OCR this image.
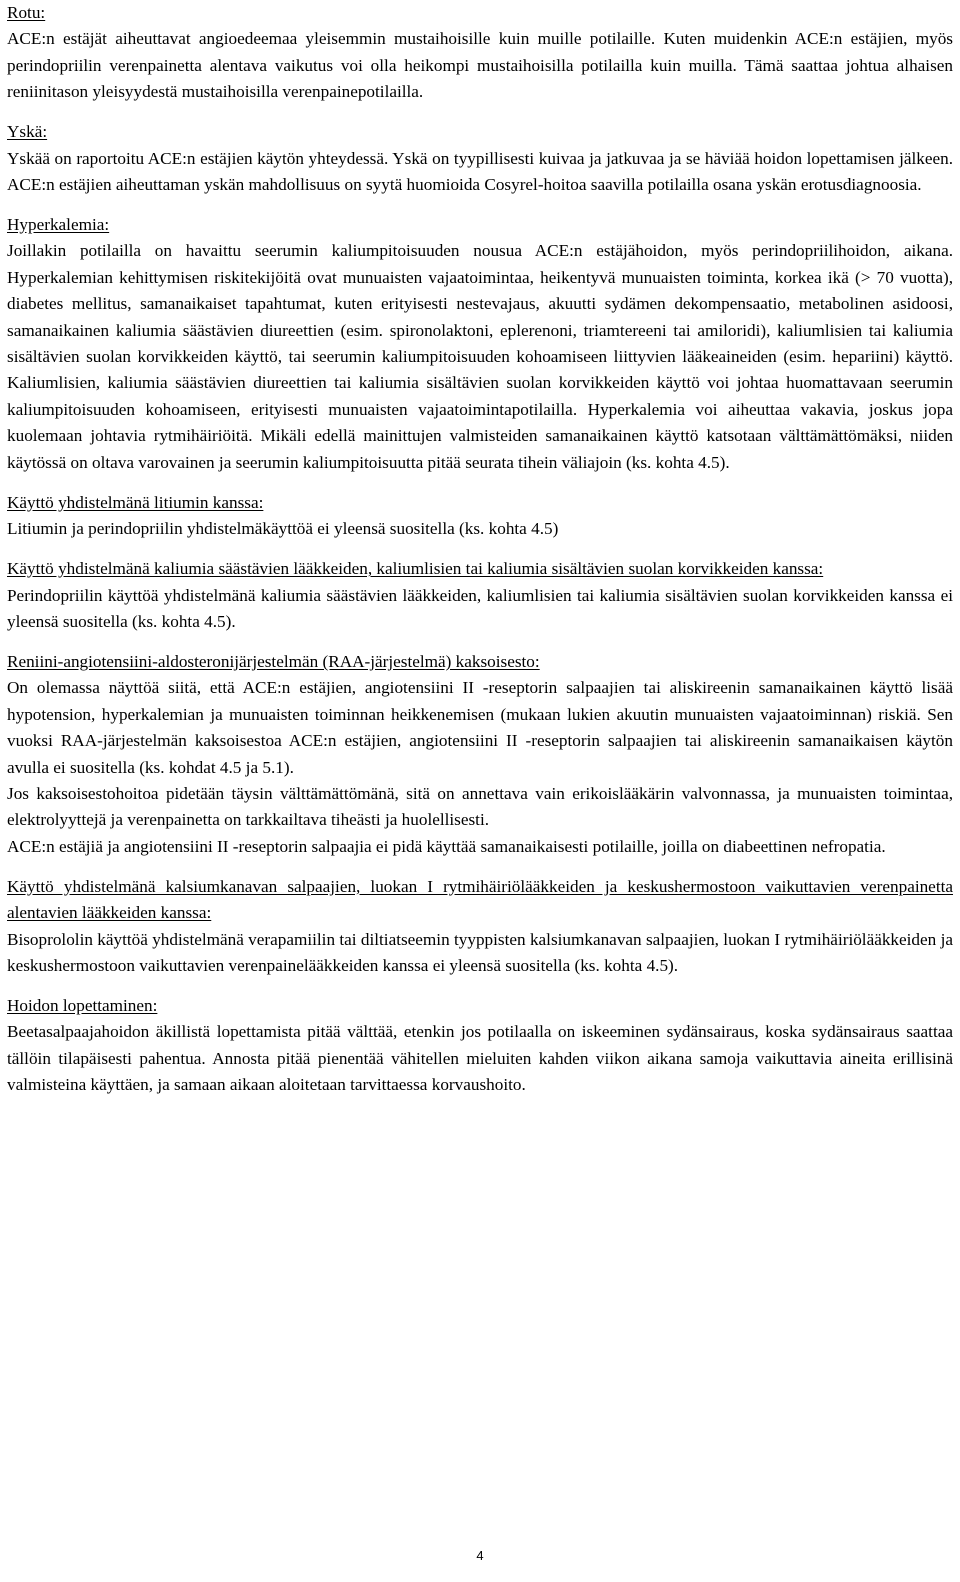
Rotu:

ACE:n estäjät aiheuttavat angioedeemaa yleisemmin mustaihoisille kuin muille potilaille. Kuten muidenkin ACE:n estäjien, myös perindopriilin verenpainetta alentava vaikutus voi olla heikompi mustaihoisilla potilailla kuin muilla. Tämä saattaa johtua alhaisen reniinitason yleisyydestä mustaihoisilla verenpainepotilailla.

Yskä:

Yskää on raportoitu ACE:n estäjien käytön yhteydessä. Yskä on tyypillisesti kuivaa ja jatkuvaa ja se häviää hoidon lopettamisen jälkeen. ACE:n estäjien aiheuttaman yskän mahdollisuus on syytä huomioida Cosyrel-hoitoa saavilla potilailla osana yskän erotusdiagnoosia.

Hyperkalemia:

Joillakin potilailla on havaittu seerumin kaliumpitoisuuden nousua ACE:n estäjähoidon, myös perindopriilihoidon, aikana. Hyperkalemian kehittymisen riskitekijöitä ovat munuaisten vajaatoimintaa, heikentyvä munuaisten toiminta, korkea ikä (> 70 vuotta), diabetes mellitus, samanaikaiset tapahtumat, kuten erityisesti nestevajaus, akuutti sydämen dekompensaatio, metabolinen asidoosi, samanaikainen kaliumia säästävien diureettien (esim. spironolaktoni, eplerenoni, triamtereeni tai amiloridi), kaliumlisien tai kaliumia sisältävien suolan korvikkeiden käyttö, tai seerumin kaliumpitoisuuden kohoamiseen liittyvien lääkeaineiden (esim. hepariini) käyttö. Kaliumlisien, kaliumia säästävien diureettien tai kaliumia sisältävien suolan korvikkeiden käyttö voi johtaa huomattavaan seerumin kaliumpitoisuuden kohoamiseen, erityisesti munuaisten vajaatoimintapotilailla. Hyperkalemia voi aiheuttaa vakavia, joskus jopa kuolemaan johtavia rytmihäiriöitä. Mikäli edellä mainittujen valmisteiden samanaikainen käyttö katsotaan välttämättömäksi, niiden käytössä on oltava varovainen ja seerumin kaliumpitoisuutta pitää seurata tihein väliajoin (ks. kohta 4.5).

Käyttö yhdistelmänä litiumin kanssa:

Litiumin ja perindopriilin yhdistelmäkäyttöä ei yleensä suositella (ks. kohta 4.5)

Käyttö yhdistelmänä kaliumia säästävien lääkkeiden, kaliumlisien tai kaliumia sisältävien suolan korvikkeiden kanssa:

Perindopriilin käyttöä yhdistelmänä kaliumia säästävien lääkkeiden, kaliumlisien tai kaliumia sisältävien suolan korvikkeiden kanssa ei yleensä suositella (ks. kohta 4.5).

Reniini-angiotensiini-aldosteronijärjestelmän (RAA-järjestelmä) kaksoisesto:

On olemassa näyttöä siitä, että ACE:n estäjien, angiotensiini II -reseptorin salpaajien tai aliskireenin samanaikainen käyttö lisää hypotension, hyperkalemian ja munuaisten toiminnan heikkenemisen (mukaan lukien akuutin munuaisten vajaatoiminnan) riskiä. Sen vuoksi RAA-järjestelmän kaksoisestoa ACE:n estäjien, angiotensiini II -reseptorin salpaajien tai aliskireenin samanaikaisen käytön avulla ei suositella (ks. kohdat 4.5 ja 5.1).

Jos kaksoisestohoitoa pidetään täysin välttämättömänä, sitä on annettava vain erikoislääkärin valvonnassa, ja munuaisten toimintaa, elektrolyyttejä ja verenpainetta on tarkkailtava tiheästi ja huolellisesti.

ACE:n estäjiä ja angiotensiini II -reseptorin salpaajia ei pidä käyttää samanaikaisesti potilaille, joilla on diabeettinen nefropatia.

Käyttö yhdistelmänä kalsiumkanavan salpaajien, luokan I rytmihäiriölääkkeiden ja keskushermostoon vaikuttavien verenpainetta alentavien lääkkeiden kanssa:

Bisoprololin käyttöä yhdistelmänä verapamiilin tai diltiatseemin tyyppisten kalsiumkanavan salpaajien, luokan I rytmihäiriölääkkeiden ja keskushermostoon vaikuttavien verenpainelääkkeiden kanssa ei yleensä suositella (ks. kohta 4.5).

Hoidon lopettaminen:

Beetasalpaajahoidon äkillistä lopettamista pitää välttää, etenkin jos potilaalla on iskeeminen sydänsairaus, koska sydänsairaus saattaa tällöin tilapäisesti pahentua. Annosta pitää pienentää vähitellen mieluiten kahden viikon aikana samoja vaikuttavia aineita erillisinä valmisteina käyttäen, ja samaan aikaan aloitetaan tarvittaessa korvaushoito.

4
